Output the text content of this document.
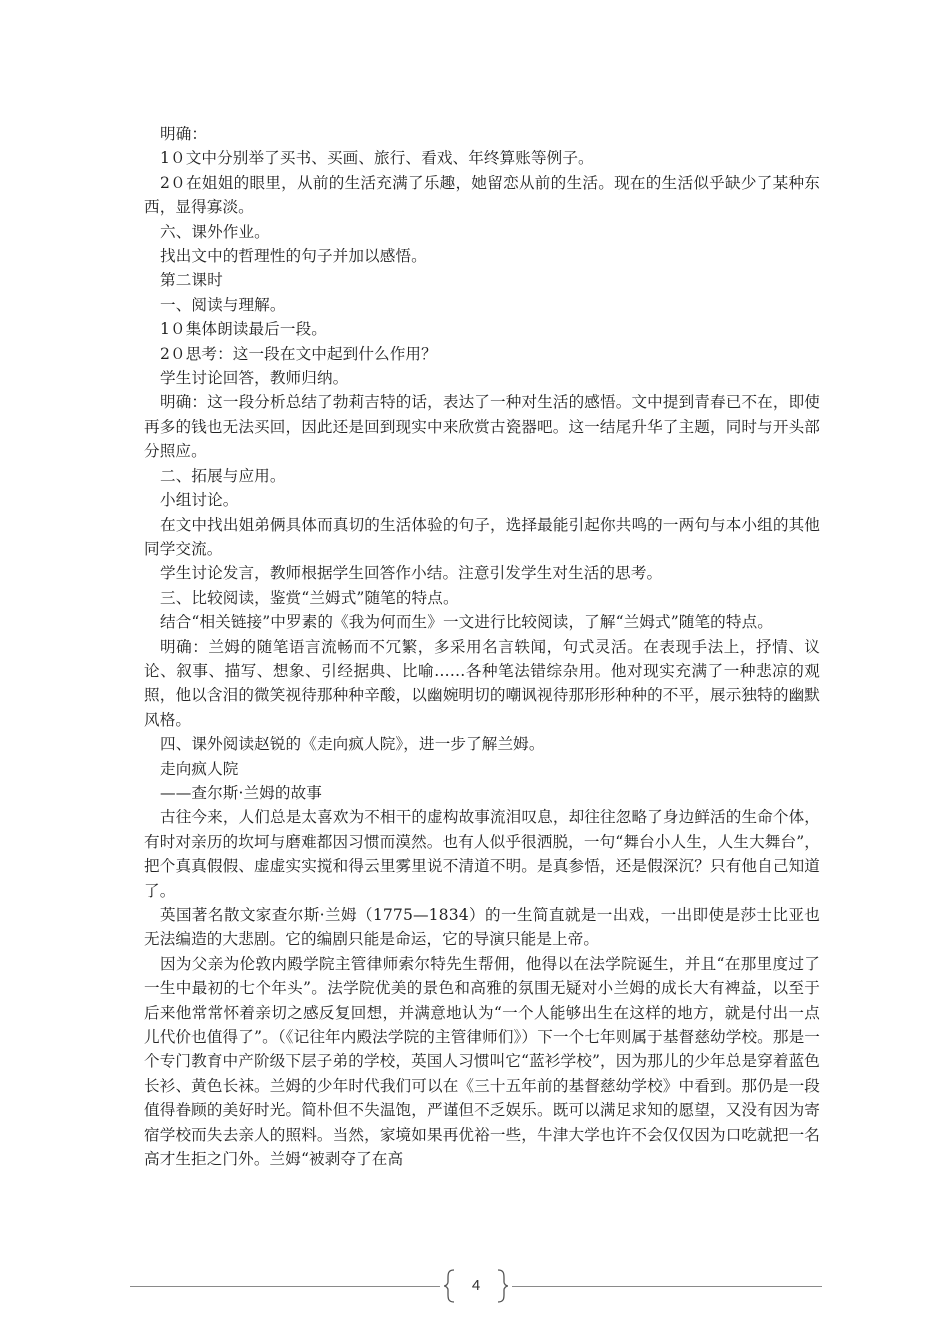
明确：

1０文中分别举了买书、买画、旅行、看戏、年终算账等例子。

2０在姐姐的眼里，从前的生活充满了乐趣，她留恋从前的生活。现在的生活似乎缺少了某种东西，显得寡淡。

六、课外作业。

找出文中的哲理性的句子并加以感悟。

第二课时

一、阅读与理解。

1０集体朗读最后一段。

2０思考：这一段在文中起到什么作用？

学生讨论回答，教师归纳。

明确：这一段分析总结了勃莉吉特的话，表达了一种对生活的感悟。文中提到青春已不在，即使再多的钱也无法买回，因此还是回到现实中来欣赏古瓷器吧。这一结尾升华了主题，同时与开头部分照应。

二、拓展与应用。

小组讨论。

在文中找出姐弟俩具体而真切的生活体验的句子，选择最能引起你共鸣的一两句与本小组的其他同学交流。

学生讨论发言，教师根据学生回答作小结。注意引发学生对生活的思考。

三、比较阅读，鉴赏“兰姆式”随笔的特点。

结合“相关链接”中罗素的《我为何而生》一文进行比较阅读，了解“兰姆式”随笔的特点。

明确：兰姆的随笔语言流畅而不冗繁，多采用名言轶闻，句式灵活。在表现手法上，抒情、议论、叙事、描写、想象、引经据典、比喻……各种笔法错综杂用。他对现实充满了一种悲凉的观照，他以含泪的微笑视待那种种辛酸，以幽婉明切的嘲讽视待那形形种种的不平，展示独特的幽默风格。

四、课外阅读赵锐的《走向疯人院》，进一步了解兰姆。

走向疯人院

——查尔斯·兰姆的故事

古往今来，人们总是太喜欢为不相干的虚构故事流泪叹息，却往往忽略了身边鲜活的生命个体，有时对亲历的坎坷与磨难都因习惯而漠然。也有人似乎很洒脱，一句“舞台小人生，人生大舞台”，把个真真假假、虚虚实实搅和得云里雾里说不清道不明。是真参悟，还是假深沉？只有他自己知道了。

英国著名散文家查尔斯·兰姆（1775—1834）的一生简直就是一出戏，一出即使是莎士比亚也无法编造的大悲剧。它的编剧只能是命运，它的导演只能是上帝。

因为父亲为伦敦内殿学院主管律师索尔特先生帮佣，他得以在法学院诞生，并且“在那里度过了一生中最初的七个年头”。法学院优美的景色和高雅的氛围无疑对小兰姆的成长大有裨益，以至于后来他常常怀着亲切之感反复回想，并满意地认为“一个人能够出生在这样的地方，就是付出一点儿代价也值得了”。（《记往年内殿法学院的主管律师们》）下一个七年则属于基督慈幼学校。那是一个专门教育中产阶级下层子弟的学校，英国人习惯叫它“蓝衫学校”，因为那儿的少年总是穿着蓝色长衫、黄色长袜。兰姆的少年时代我们可以在《三十五年前的基督慈幼学校》中看到。那仍是一段值得眷顾的美好时光。简朴但不失温饱，严谨但不乏娱乐。既可以满足求知的愿望，又没有因为寄宿学校而失去亲人的照料。当然，家境如果再优裕一些，牛津大学也许不会仅仅因为口吃就把一名高才生拒之门外。兰姆“被剥夺了在高

4
